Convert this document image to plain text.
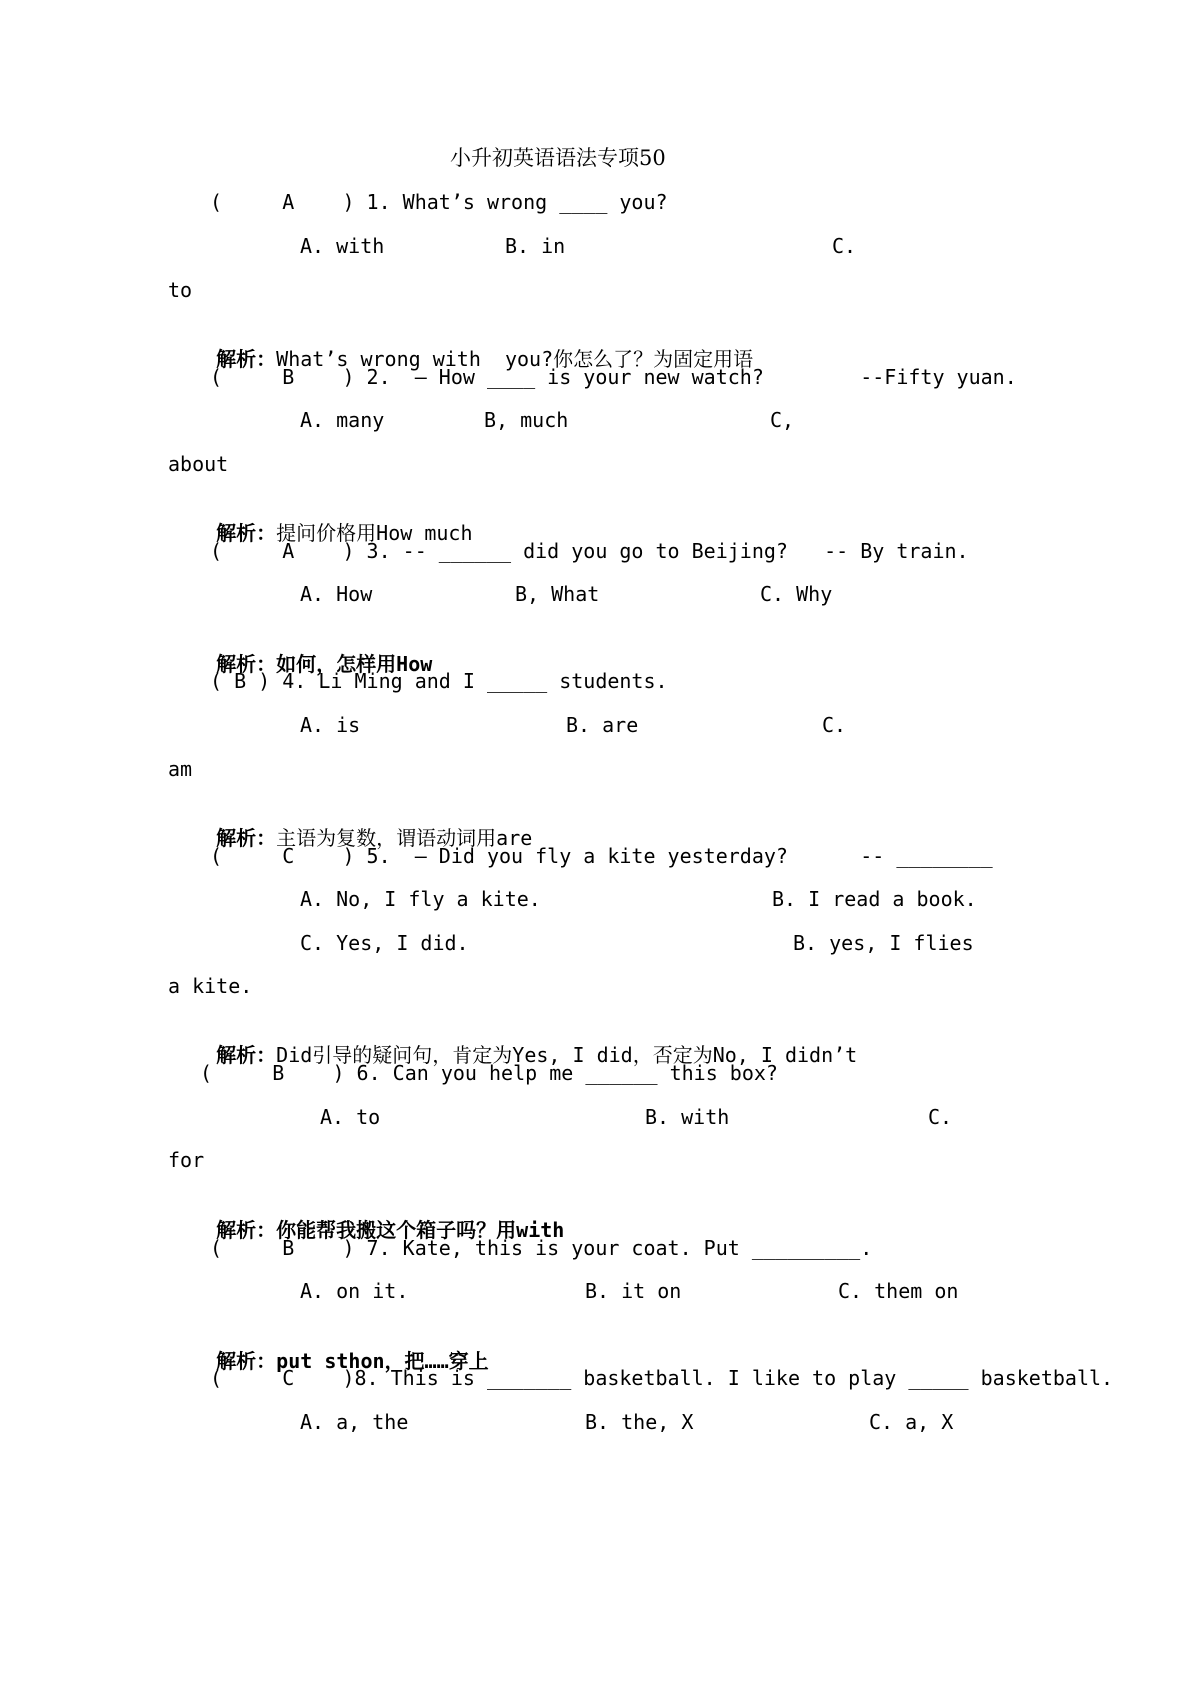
小升初英语语法专项50
(     A    ) 1. What’s wrong ____ you?
A. with	B. in	C.
to

解析：What’s wrong with  you?你怎么了？为固定用语

(     B    ) 2.  – How ____ is your new watch?        --Fifty yuan.
A. many	B, much	C,
about

解析：提问价格用How much

(     A    ) 3. -- ______ did you go to Beijing?   -- By train.
A. How	B, What	C. Why

解析：如何，怎样用How

( B ) 4. Li Ming and I _____ students.
A. is	B. are	C.
am

解析：主语为复数，谓语动词用are

(     C    ) 5.  – Did you fly a kite yesterday?      -- ________
A. No, I fly a kite.	B. I read a book.
C. Yes, I did.	B. yes, I flies
a kite.

解析：Did引导的疑问句，肯定为Yes, I did，否定为No, I didn’t

(     B    ) 6. Can you help me ______ this box?
A. to	B. with	C.
for

解析：你能帮我搬这个箱子吗？用with

(     B    ) 7. Kate, this is your coat. Put _________.
A. on it.	B. it on	C. them on

解析：put sthon，把……穿上

(     C    )8. This is _______ basketball. I like to play _____ basketball.
A. a, the	B. the, X	C. a, X
